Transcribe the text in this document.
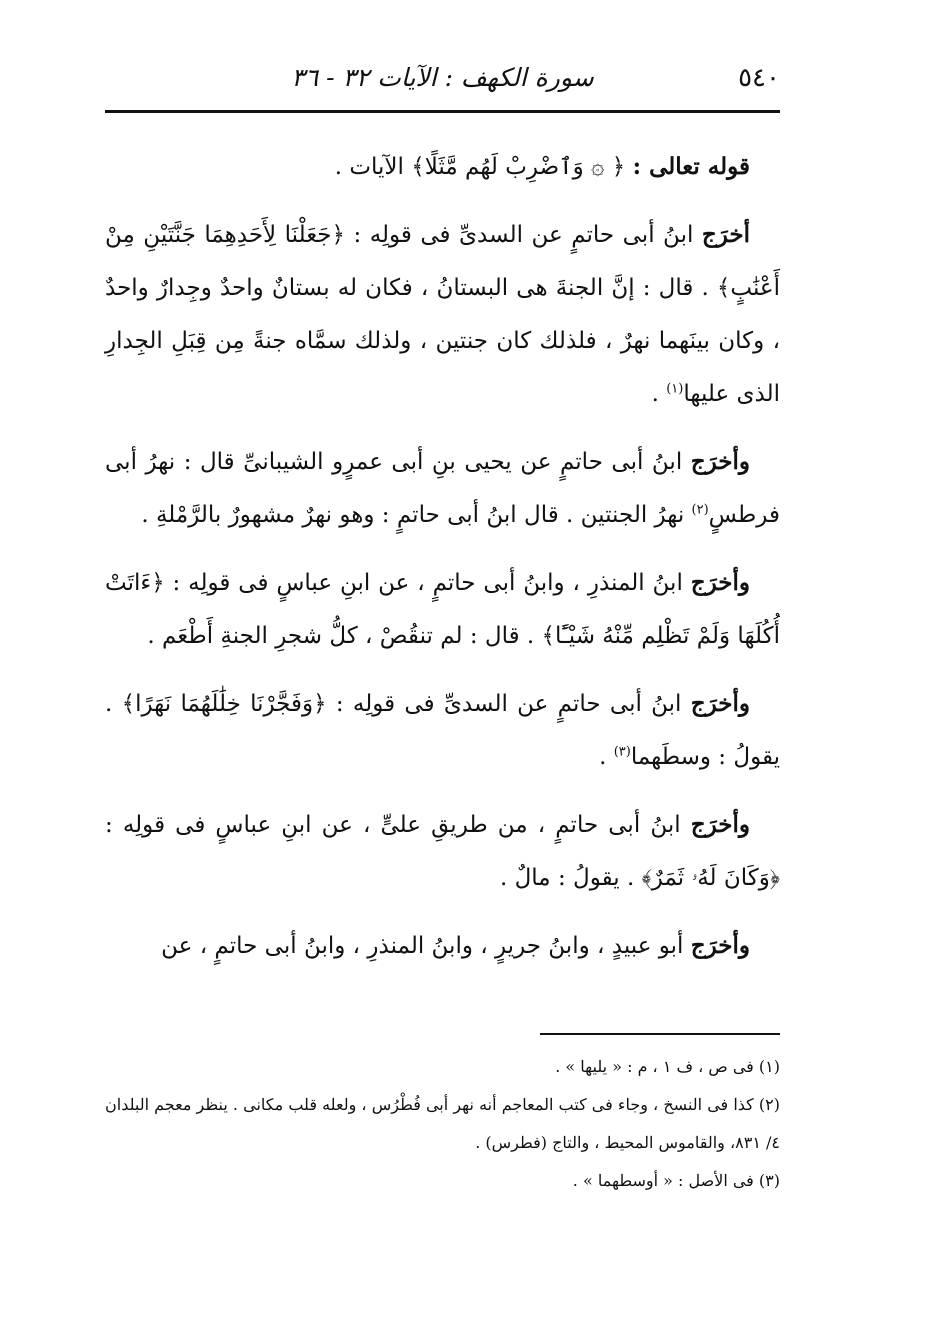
٥٤٠
سورة الكهف : الآيات ٣٢ - ٣٦

قوله تعالى : ﴿ ۞ وَٱضْرِبْ لَهُم مَّثَلًا﴾ الآيات .

أخرَج ابنُ أبى حاتمٍ عن السدىِّ فى قولِه : ﴿جَعَلْنَا لِأَحَدِهِمَا جَنَّتَيْنِ مِنْ أَعْنَٰبٍ﴾ . قال : إنَّ الجنةَ هى البستانُ ، فكان له بستانٌ واحدٌ وجِدارٌ واحدٌ ، وكان بينَهما نهرٌ ، فلذلك كان جنتين ، ولذلك سمَّاه جنةً مِن قِبَلِ الجِدارِ الذى عليها$^{(١)}$ .

وأخرَج ابنُ أبى حاتمٍ عن يحيى بنِ أبى عمرٍو الشيبانىِّ قال : نهرُ أبى فرطسٍ$^{(٢)}$ نهرُ الجنتين . قال ابنُ أبى حاتمٍ : وهو نهرٌ مشهورٌ بالرَّمْلةِ .

وأخرَج ابنُ المنذرِ ، وابنُ أبى حاتمٍ ، عن ابنِ عباسٍ فى قولِه : ﴿ءَاتَتْ أُكُلَهَا وَلَمْ تَظْلِم مِّنْهُ شَيْـًٔا﴾ . قال : لم تنقُصْ ، كلُّ شجرِ الجنةِ أَطْعَم .

وأخرَج ابنُ أبى حاتمٍ عن السدىِّ فى قولِه : ﴿وَفَجَّرْنَا خِلَٰلَهُمَا نَهَرًا﴾ . يقولُ : وسطَهما$^{(٣)}$ .

وأخرَج ابنُ أبى حاتمٍ ، من طريقِ علىٍّ ، عن ابنِ عباسٍ فى قولِه : ﴿وَكَانَ لَهُۥ ثَمَرٌ﴾ . يقولُ : مالٌ .

وأخرَج أبو عبيدٍ ، وابنُ جريرٍ ، وابنُ المنذرِ ، وابنُ أبى حاتمٍ ، عن

(١) فى ص ، ف ١ ، م : « يليها » .

(٢) كذا فى النسخ ، وجاء فى كتب المعاجم أنه نهر أبى فُطْرُس ، ولعله قلب مكانى . ينظر معجم البلدان ٤/ ٨٣١، والقاموس المحيط ، والتاج (فطرس) .

(٣) فى الأصل : « أوسطهما » .
